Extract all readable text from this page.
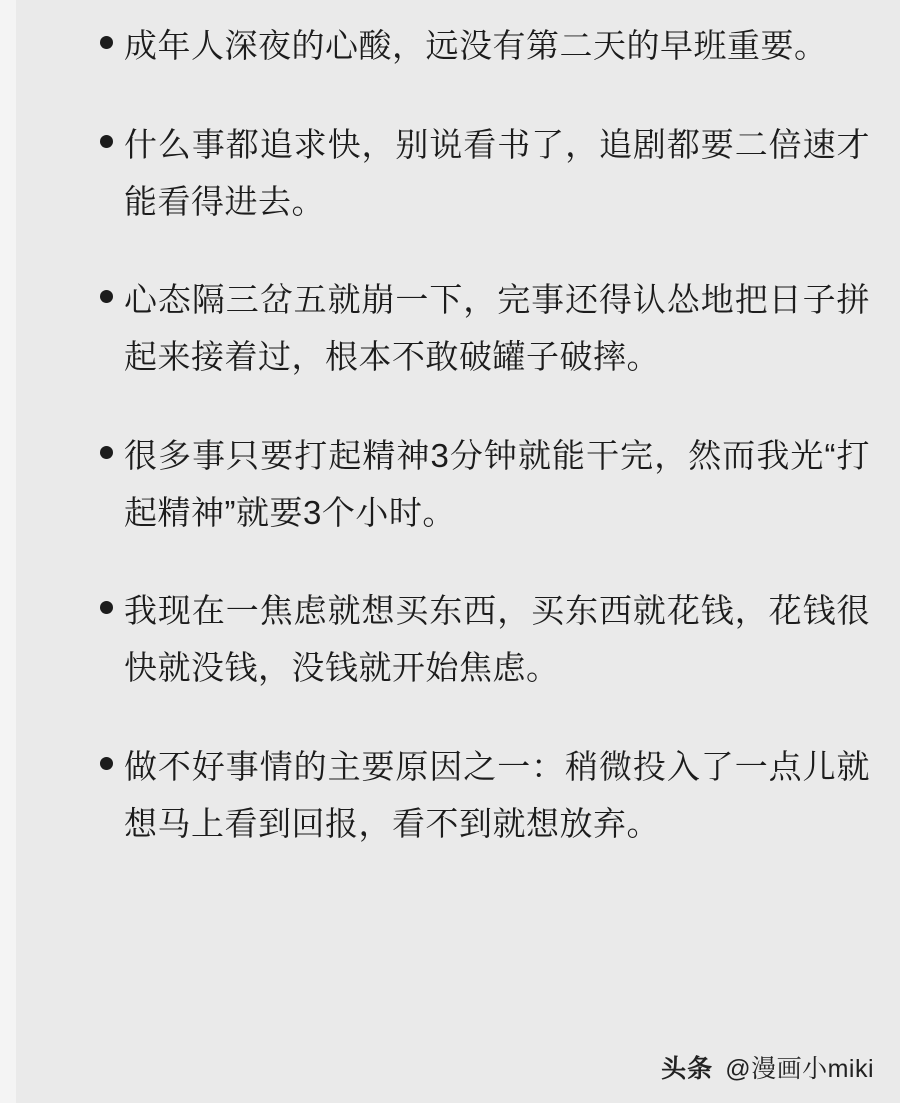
成年人深夜的心酸，远没有第二天的早班重要。
什么事都追求快，别说看书了，追剧都要二倍速才能看得进去。
心态隔三岔五就崩一下，完事还得认怂地把日子拼起来接着过，根本不敢破罐子破摔。
很多事只要打起精神3分钟就能干完，然而我光“打起精神”就要3个小时。
我现在一焦虑就想买东西，买东西就花钱，花钱很快就没钱，没钱就开始焦虑。
做不好事情的主要原因之一：稍微投入了一点儿就想马上看到回报，看不到就想放弃。
头条 @漫画小miki
